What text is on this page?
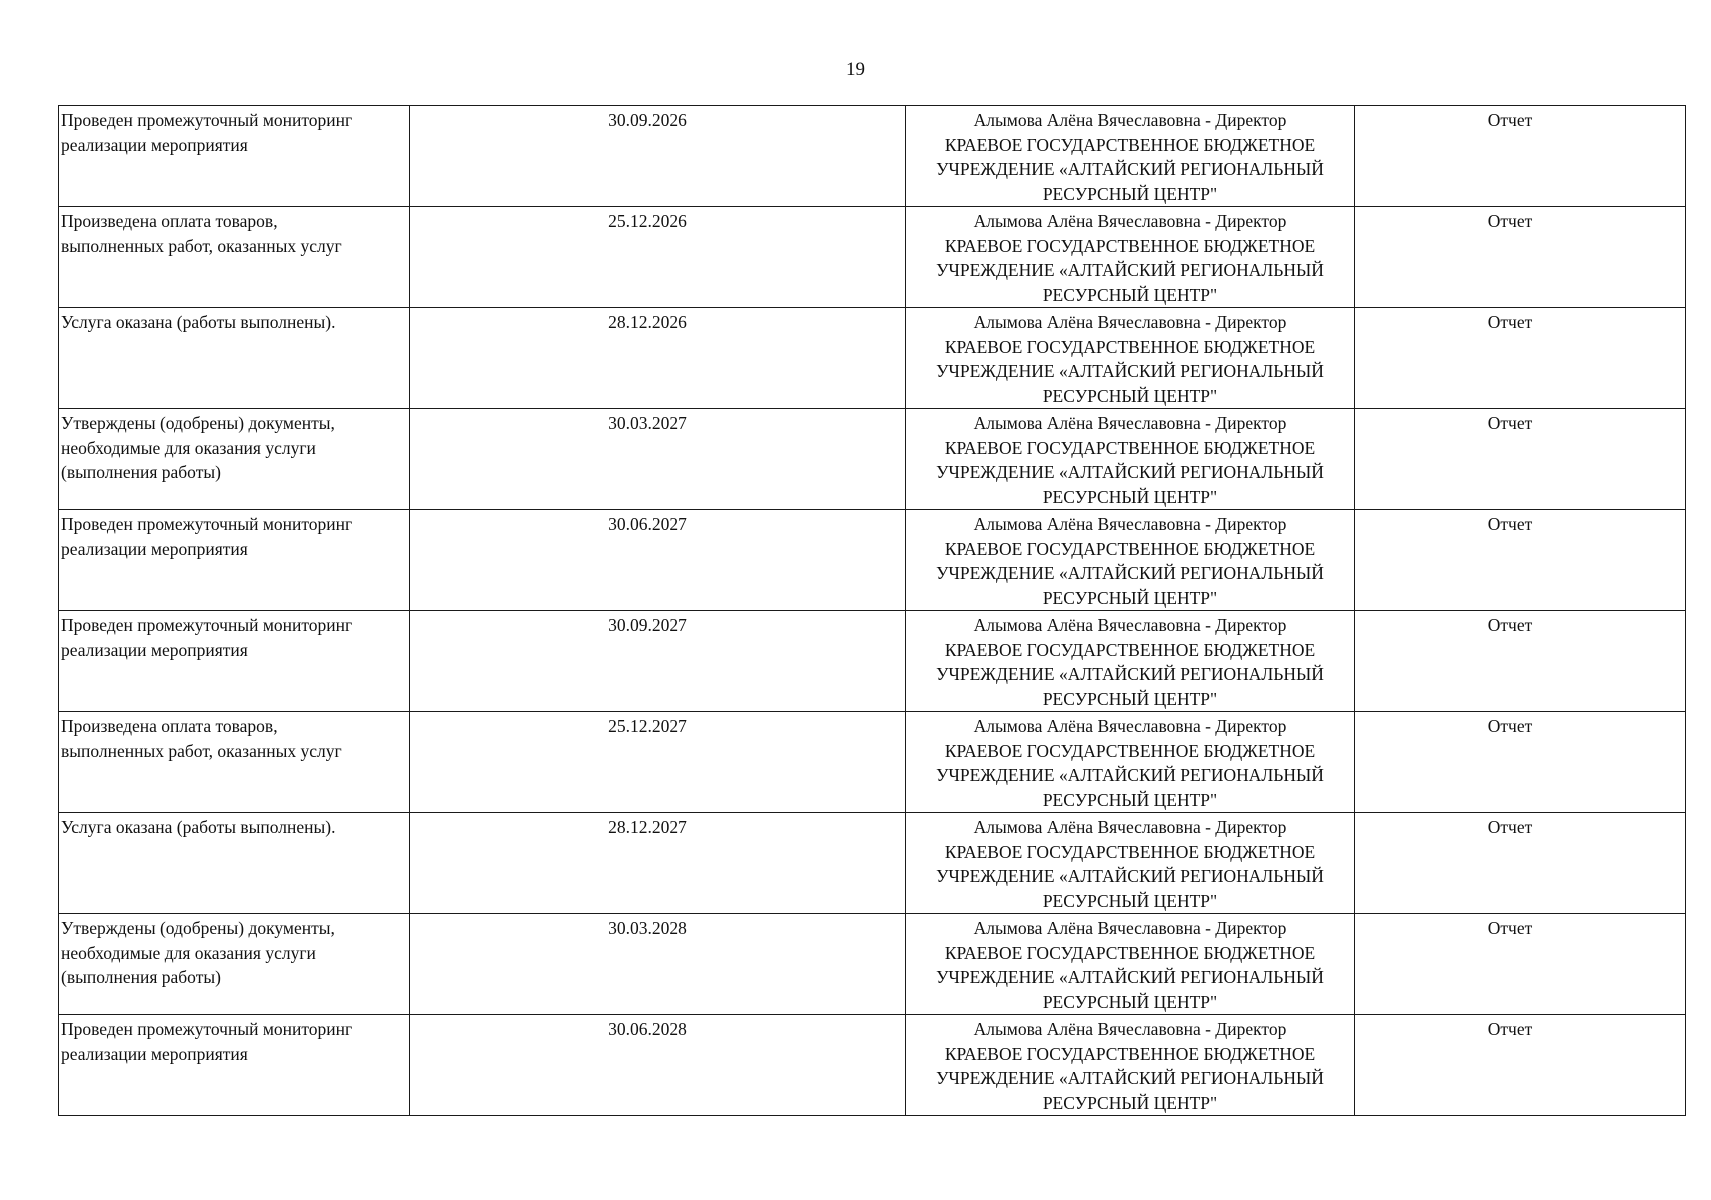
19
Проведен промежуточный мониторинг
реализации мероприятия	30.09.2026	Алымова Алёна Вячеславовна - Директор
КРАЕВОЕ ГОСУДАРСТВЕННОЕ БЮДЖЕТНОЕ
УЧРЕЖДЕНИЕ «АЛТАЙСКИЙ РЕГИОНАЛЬНЫЙ
РЕСУРСНЫЙ ЦЕНТР"	Отчет

Произведена оплата товаров,
выполненных работ, оказанных услуг	25.12.2026	Алымова Алёна Вячеславовна - Директор
КРАЕВОЕ ГОСУДАРСТВЕННОЕ БЮДЖЕТНОЕ
УЧРЕЖДЕНИЕ «АЛТАЙСКИЙ РЕГИОНАЛЬНЫЙ
РЕСУРСНЫЙ ЦЕНТР"	Отчет

Услуга оказана (работы выполнены).	28.12.2026	Алымова Алёна Вячеславовна - Директор
КРАЕВОЕ ГОСУДАРСТВЕННОЕ БЮДЖЕТНОЕ
УЧРЕЖДЕНИЕ «АЛТАЙСКИЙ РЕГИОНАЛЬНЫЙ
РЕСУРСНЫЙ ЦЕНТР"	Отчет

Утверждены (одобрены) документы,
необходимые для оказания услуги
(выполнения работы)	30.03.2027	Алымова Алёна Вячеславовна - Директор
КРАЕВОЕ ГОСУДАРСТВЕННОЕ БЮДЖЕТНОЕ
УЧРЕЖДЕНИЕ «АЛТАЙСКИЙ РЕГИОНАЛЬНЫЙ
РЕСУРСНЫЙ ЦЕНТР"	Отчет

Проведен промежуточный мониторинг
реализации мероприятия	30.06.2027	Алымова Алёна Вячеславовна - Директор
КРАЕВОЕ ГОСУДАРСТВЕННОЕ БЮДЖЕТНОЕ
УЧРЕЖДЕНИЕ «АЛТАЙСКИЙ РЕГИОНАЛЬНЫЙ
РЕСУРСНЫЙ ЦЕНТР"	Отчет

Проведен промежуточный мониторинг
реализации мероприятия	30.09.2027	Алымова Алёна Вячеславовна - Директор
КРАЕВОЕ ГОСУДАРСТВЕННОЕ БЮДЖЕТНОЕ
УЧРЕЖДЕНИЕ «АЛТАЙСКИЙ РЕГИОНАЛЬНЫЙ
РЕСУРСНЫЙ ЦЕНТР"	Отчет

Произведена оплата товаров,
выполненных работ, оказанных услуг	25.12.2027	Алымова Алёна Вячеславовна - Директор
КРАЕВОЕ ГОСУДАРСТВЕННОЕ БЮДЖЕТНОЕ
УЧРЕЖДЕНИЕ «АЛТАЙСКИЙ РЕГИОНАЛЬНЫЙ
РЕСУРСНЫЙ ЦЕНТР"	Отчет

Услуга оказана (работы выполнены).	28.12.2027	Алымова Алёна Вячеславовна - Директор
КРАЕВОЕ ГОСУДАРСТВЕННОЕ БЮДЖЕТНОЕ
УЧРЕЖДЕНИЕ «АЛТАЙСКИЙ РЕГИОНАЛЬНЫЙ
РЕСУРСНЫЙ ЦЕНТР"	Отчет

Утверждены (одобрены) документы,
необходимые для оказания услуги
(выполнения работы)	30.03.2028	Алымова Алёна Вячеславовна - Директор
КРАЕВОЕ ГОСУДАРСТВЕННОЕ БЮДЖЕТНОЕ
УЧРЕЖДЕНИЕ «АЛТАЙСКИЙ РЕГИОНАЛЬНЫЙ
РЕСУРСНЫЙ ЦЕНТР"	Отчет

Проведен промежуточный мониторинг
реализации мероприятия	30.06.2028	Алымова Алёна Вячеславовна - Директор
КРАЕВОЕ ГОСУДАРСТВЕННОЕ БЮДЖЕТНОЕ
УЧРЕЖДЕНИЕ «АЛТАЙСКИЙ РЕГИОНАЛЬНЫЙ
РЕСУРСНЫЙ ЦЕНТР"	Отчет
